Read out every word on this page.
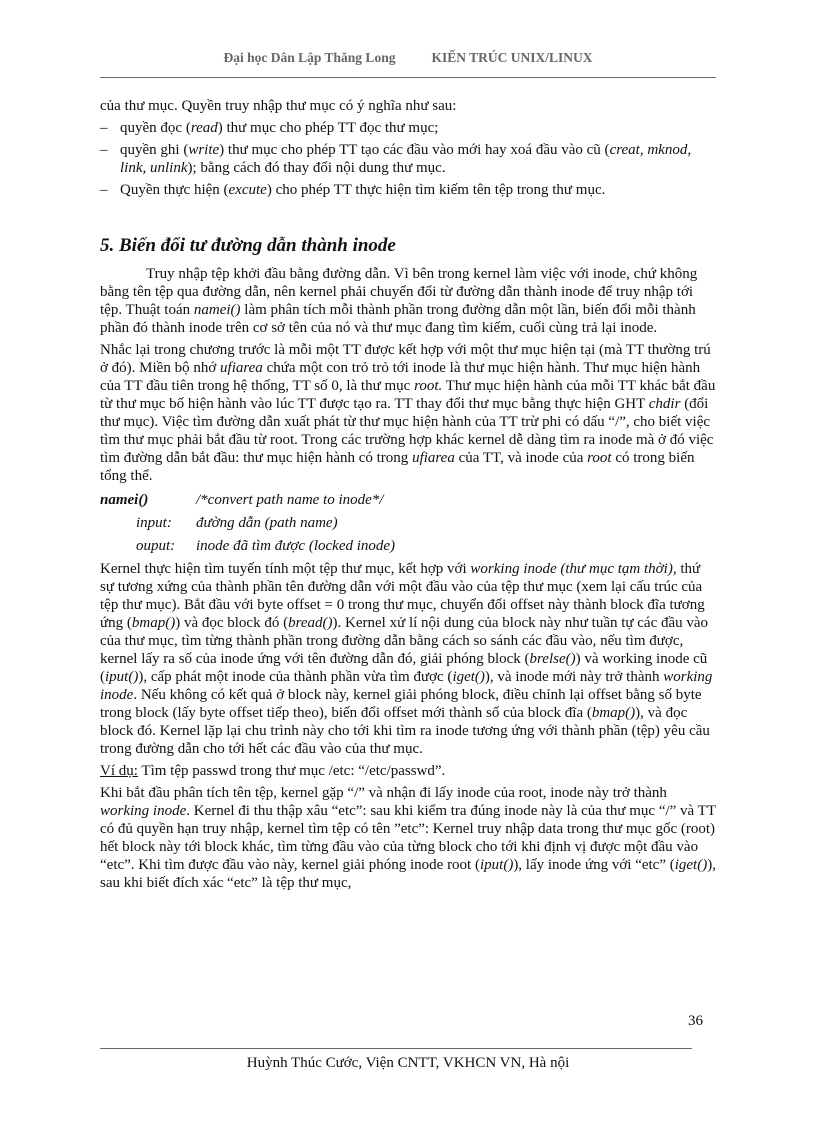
Đại học Dân Lập Thăng Long	KIẾN TRÚC UNIX/LINUX

của thư mục. Quyền truy nhập thư mục có ý nghĩa như sau:

– quyền đọc (read) thư mục cho phép TT đọc thư mục;
– quyền ghi (write) thư mục cho phép TT tạo các đầu vào mới hay xoá đầu vào cũ (creat, mknod, link, unlink); bằng cách đó thay đổi nội dung thư mục.
– Quyền thực hiện (excute) cho phép TT thực hiện tìm kiếm tên tệp trong thư mục.
5. Biến đổi tư đường dẫn thành inode

Truy nhập tệp khởi đầu bằng đường dẫn. Vì bên trong kernel làm việc với inode, chứ không bằng tên tệp qua đường dẫn, nên kernel phải chuyển đổi từ đường dẫn thành inode để truy nhập tới tệp. Thuật toán namei() làm phân tích mỗi thành phần trong đường dẫn một lần, biến đổi mỗi thành phần đó thành inode trên cơ sở tên của nó và thư mục đang tìm kiếm, cuối cùng trả lại inode.

Nhắc lại trong chương trước là mỗi một TT được kết hợp với một thư mục hiện tại (mà TT thường trú ở đó). Miền bộ nhớ ufiarea chứa một con trỏ trỏ tới inode là thư mục hiện hành. Thư mục hiện hành của TT đầu tiên trong hệ thống, TT số 0, là thư mục root. Thư mục hiện hành của mỗi TT khác bắt đầu từ thư mục bố hiện hành vào lúc TT được tạo ra. TT thay đổi thư mục bằng thực hiện GHT chdir (đổi thư mục). Việc tìm đường dẫn xuất phát từ thư mục hiện hành của TT trừ phi có dấu “/”, cho biết việc tìm thư mục phải bắt đầu từ root. Trong các trường hợp khác kernel dễ dàng tìm ra inode mà ở đó việc tìm đường dẫn bắt đầu: thư mục hiện hành có trong ufiarea của TT, và inode của root có trong biến tổng thể.

namei()	/*convert path name to inode*/
input:	đường dẫn (path name)
ouput:	inode đã tìm được (locked inode)

Kernel thực hiện tìm tuyến tính một tệp thư mục, kết hợp với working inode (thư mục tạm thời), thứ sự tương xứng của thành phần tên đường dẫn với một đầu vào của tệp thư mục (xem lại cấu trúc của tệp thư mục). Bắt đầu với byte offset = 0 trong thư mục, chuyển đổi offset này thành block đĩa tương ứng (bmap()) và đọc block đó (bread()). Kernel xử lí nội dung của block này như tuần tự các đầu vào của thư mục, tìm từng thành phần trong đường dẫn bằng cách so sánh các đầu vào, nếu tìm được, kernel lấy ra số của inode ứng với tên đường dẫn đó, giải phóng block (brelse()) và working inode cũ (iput()), cấp phát một inode của thành phần vừa tìm được (iget()), và inode mới này trở thành working inode. Nếu không có kết quả ở block này, kernel giải phóng block, điều chỉnh lại offset bằng số byte trong block (lấy byte offset tiếp theo), biến đổi offset mới thành số của block đĩa (bmap()), và đọc block đó. Kernel lặp lại chu trình này cho tới khi tìm ra inode tương ứng với thành phần (tệp) yêu cầu trong đường dẫn cho tới hết các đầu vào của thư mục.

Ví dụ: Tìm tệp passwd trong thư mục /etc: “/etc/passwd”.

Khi bắt đầu phân tích tên tệp, kernel gặp “/” và nhận đi lấy inode của root, inode này trở thành working inode. Kernel đi thu thập xâu “etc”: sau khi kiểm tra đúng inode này là của thư mục “/” và TT có đủ quyền hạn truy nhập, kernel tìm tệp có tên ”etc”: Kernel truy nhập data trong thư mục gốc (root) hết block này tới block khác, tìm từng đầu vào của từng block cho tới khi định vị được một đầu vào “etc”. Khi tìm được đầu vào này, kernel giải phóng inode root (iput()), lấy inode ứng với “etc” (iget()), sau khi biết đích xác “etc” là tệp thư mục,

36
Huỳnh Thúc Cước, Viện CNTT, VKHCN VN, Hà nội
